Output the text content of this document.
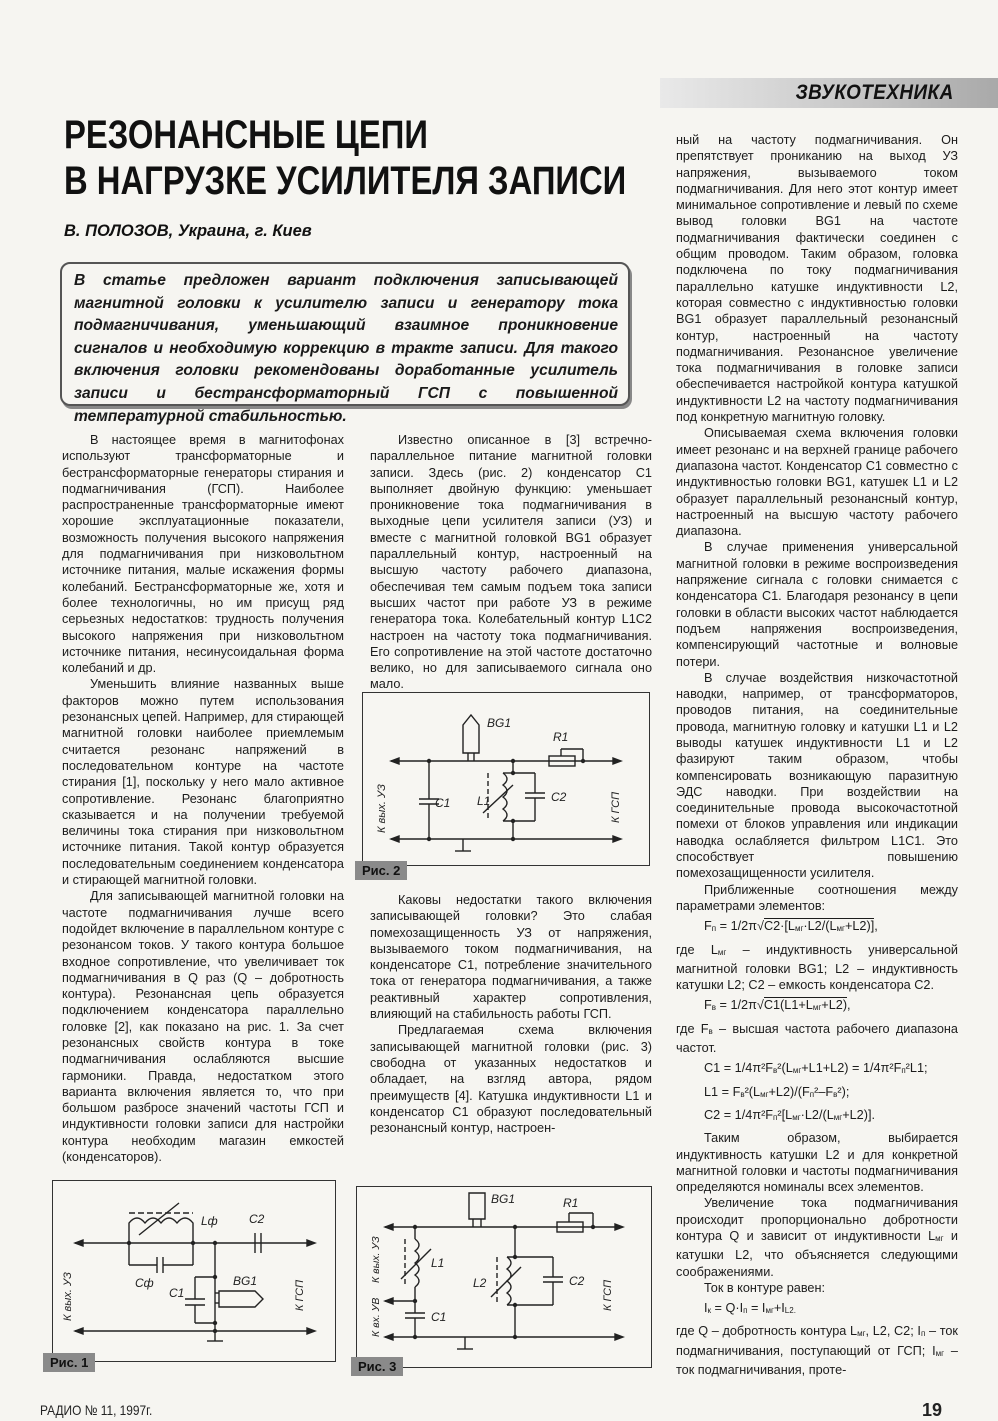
ЗВУКОТЕХНИКА
РЕЗОНАНСНЫЕ ЦЕПИ
В НАГРУЗКЕ УСИЛИТЕЛЯ ЗАПИСИ
В. ПОЛОЗОВ, Украина, г. Киев
В статье предложен вариант подключения записывающей магнитной головки к усилителю записи и генератору тока подмагничивания, уменьшающий взаимное проникновение сигналов и необходимую коррекцию в тракте записи. Для такого включения головки рекомендованы доработанные усилитель записи и бестрансформаторный ГСП с повышенной температурной стабильностью.

В настоящее время в магнитофонах используют трансформаторные и бестрансформаторные генераторы стирания и подмагничивания (ГСП). Наиболее распространенные трансформаторные имеют хорошие эксплуатационные показатели, возможность получения высокого напряжения для подмагничивания при низковольтном источнике питания, малые искажения формы колебаний. Бестрансформаторные же, хотя и более технологичны, но им присущ ряд серьезных недостатков: трудность получения высокого напряжения при низковольтном источнике питания, несинусоидальная форма колебаний и др.

Уменьшить влияние названных выше факторов можно путем использования резонансных цепей. Например, для стирающей магнитной головки наиболее приемлемым считается резонанс напряжений в последовательном контуре на частоте стирания [1], поскольку у него мало активное сопротивление. Резонанс благоприятно сказывается и на получении требуемой величины тока стирания при низковольтном источнике питания. Такой контур образуется последовательным соединением конденсатора и стирающей магнитной головки.

Для записывающей магнитной головки на частоте подмагничивания лучше всего подойдет включение в параллельном контуре с резонансом токов. У такого контура большое входное сопротивление, что увеличивает ток подмагничивания в Q раз (Q – добротность контура). Резонансная цепь образуется подключением конденсатора параллельно головке [2], как показано на рис. 1. За счет резонансных свойств контура в токе подмагничивания ослабляются высшие гармоники. Правда, недостатком этого варианта включения является то, что при большом разбросе значений частоты ГСП и индуктивности головки записи для настройки контура необходим магазин емкостей (конденсаторов).

Известно описанное в [3] встречно-параллельное питание магнитной головки записи. Здесь (рис. 2) конденсатор С1 выполняет двойную функцию: уменьшает проникновение тока подмагничивания в выходные цепи усилителя записи (УЗ) и вместе с магнитной головкой BG1 образует параллельный контур, настроенный на высшую частоту рабочего диапазона, обеспечивая тем самым подъем тока записи высших частот при работе УЗ в режиме генератора тока. Колебательный контур L1C2 настроен на частоту тока подмагничивания. Его сопротивление на этой частоте достаточно велико, но для записываемого сигнала оно мало.

BG1
R1
C1 L1	C2
К вых. УЗ	К ГСП
Рис. 2

Каковы недостатки такого включения записывающей головки? Это слабая помехозащищенность УЗ от напряжения, вызываемого током подмагничивания, на конденсаторе С1, потребление значительного тока от генератора подмагничивания, а также реактивный характер сопротивления, влияющий на стабильность работы ГСП.

Предлагаемая схема включения записывающей магнитной головки (рис. 3) свободна от указанных недостатков и обладает, на взгляд автора, рядом преимуществ [4]. Катушка индуктивности L1 и конденсатор С1 образуют последовательный резонансный контур, настроен-

Lф	C2
Сф
C1
BG1
К вых. УЗ	К ГСП
Рис. 1
BG1	R1
L1
L2
C1
C2
К вых. УЗ
К вх. УВ
К ГСП
Рис. 3

ный на частоту подмагничивания. Он препятствует прониканию на выход УЗ напряжения, вызываемого током подмагничивания. Для него этот контур имеет минимальное сопротивление и левый по схеме вывод головки BG1 на частоте подмагничивания фактически соединен с общим проводом. Таким образом, головка подключена по току подмагничивания параллельно катушке индуктивности L2, которая совместно с индуктивностью головки BG1 образует параллельный резонансный контур, настроенный на частоту подмагничивания. Резонансное увеличение тока подмагничивания в головке записи обеспечивается настройкой контура катушкой индуктивности L2 на частоту подмагничивания под конкретную магнитную головку.

Описываемая схема включения головки имеет резонанс и на верхней границе рабочего диапазона частот. Конденсатор С1 совместно с индуктивностью головки BG1, катушек L1 и L2 образует параллельный резонансный контур, настроенный на высшую частоту рабочего диапазона.

В случае применения универсальной магнитной головки в режиме воспроизведения напряжение сигнала с головки снимается с конденсатора С1. Благодаря резонансу в цепи головки в области высоких частот наблюдается подъем напряжения воспроизведения, компенсирующий частотные и волновые потери.

В случае воздействия низкочастотной наводки, например, от трансформаторов, проводов питания, на соединительные провода, магнитную головку и катушки L1 и L2 выводы катушек индуктивности L1 и L2 фазируют таким образом, чтобы компенсировать возникающую паразитную ЭДС наводки. При воздействии на соединительные провода высокочастотной помехи от блоков управления или индикации наводка ослабляется фильтром L1C1. Это способствует повышению помехозащищенности усилителя.

Приближенные соотношения между параметрами элементов:

$F_п = 1/2\pi√C2\cdot[L_{мг}\cdot L2/(L_{мг}+L2)]$,

где $L_{мг}$ – индуктивность универсальной магнитной головки BG1; L2 – индуктивность катушки L2; С2 – емкость конденсатора С2.

$F_в = 1/2\pi√C1(L1+L_{мг}+L2)$,

где $F_в$ – высшая частота рабочего диапазона частот.

$C1 = 1/4\pi^2F_в^2(L_{мг}+L1+L2) = 1/4\pi^2F_п^2L1$;
$L1 = F_в^2(L_{мг}+L2)/(F_п^2-F_в^2)$;
$C2 = 1/4\pi^2F_п^2[L_{мг}\cdot L2/(L_{мг}+L2)]$.

Таким образом, выбирается индуктивность катушки L2 и для конкретной магнитной головки и частоты подмагничивания определяются номиналы всех элементов.

Увеличение тока подмагничивания происходит пропорционально добротности контура Q и зависит от индуктивности $L_{мг}$ и катушки L2, что объясняется следующими соображениями.

Ток в контуре равен:

$I_к = Q\cdot I_п = I_{мг}+I_{L2.}$

где Q – добротность контура $L_{мг}$, L2, C2; $I_п$ – ток подмагничивания, поступающий от ГСП; $I_{мг}$ – ток подмагничивания, проте-

РАДИО № 11, 1997г.	19
